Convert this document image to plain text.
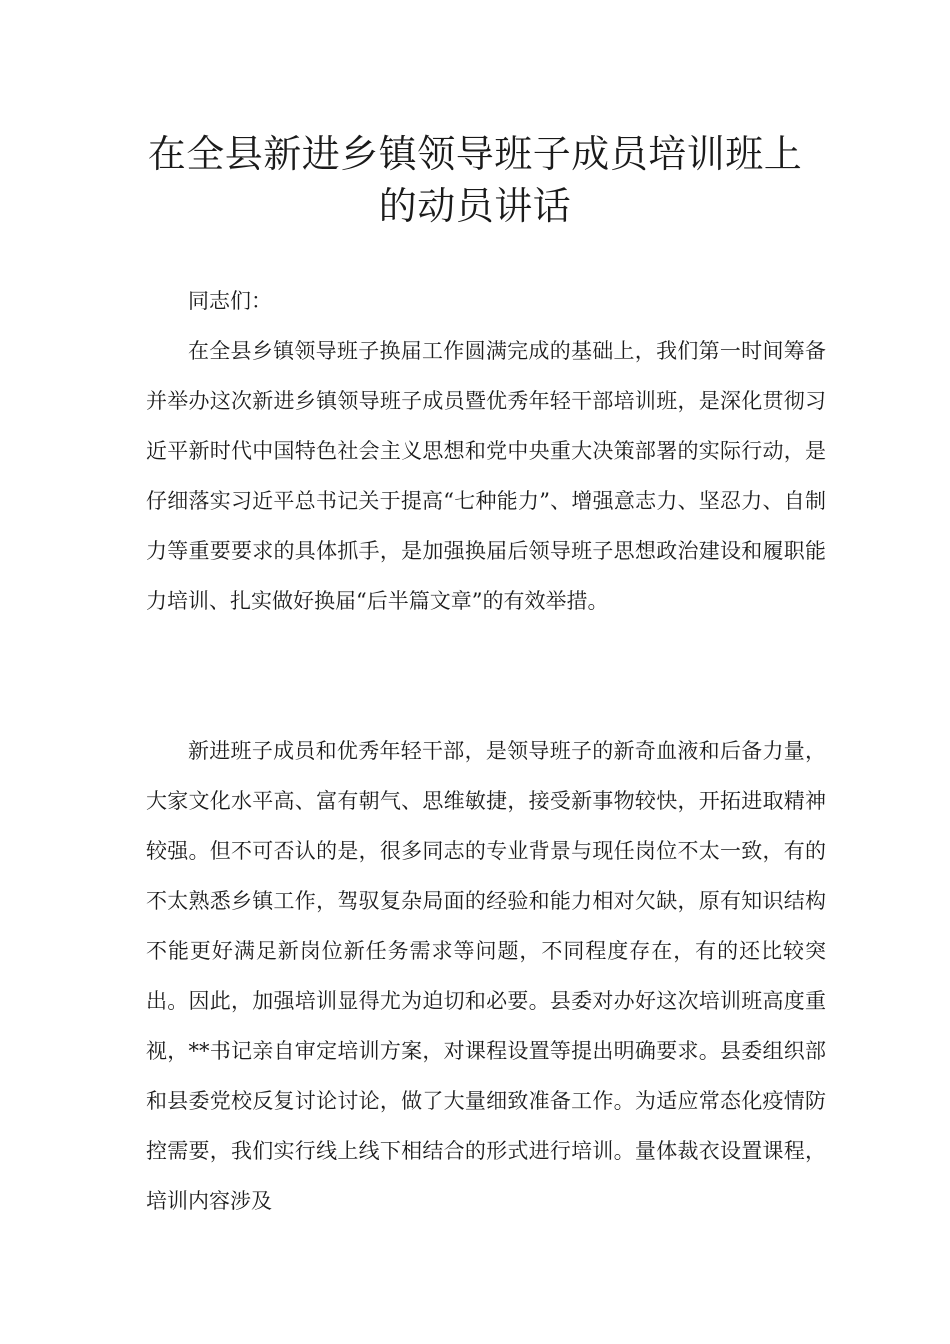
在全县新进乡镇领导班子成员培训班上
的动员讲话

同志们：

在全县乡镇领导班子换届工作圆满完成的基础上，我们第一时间筹备并举办这次新进乡镇领导班子成员暨优秀年轻干部培训班，是深化贯彻习近平新时代中国特色社会主义思想和党中央重大决策部署的实际行动，是仔细落实习近平总书记关于提高“七种能力”、增强意志力、坚忍力、自制力等重要要求的具体抓手，是加强换届后领导班子思想政治建设和履职能力培训、扎实做好换届“后半篇文章”的有效举措。

新进班子成员和优秀年轻干部，是领导班子的新奇血液和后备力量，大家文化水平高、富有朝气、思维敏捷，接受新事物较快，开拓进取精神较强。但不可否认的是，很多同志的专业背景与现任岗位不太一致，有的不太熟悉乡镇工作，驾驭复杂局面的经验和能力相对欠缺，原有知识结构不能更好满足新岗位新任务需求等问题，不同程度存在，有的还比较突出。因此，加强培训显得尤为迫切和必要。县委对办好这次培训班高度重视，**书记亲自审定培训方案，对课程设置等提出明确要求。县委组织部和县委党校反复讨论讨论，做了大量细致准备工作。为适应常态化疫情防控需要，我们实行线上线下相结合的形式进行培训。量体裁衣设置课程，培训内容涉及
